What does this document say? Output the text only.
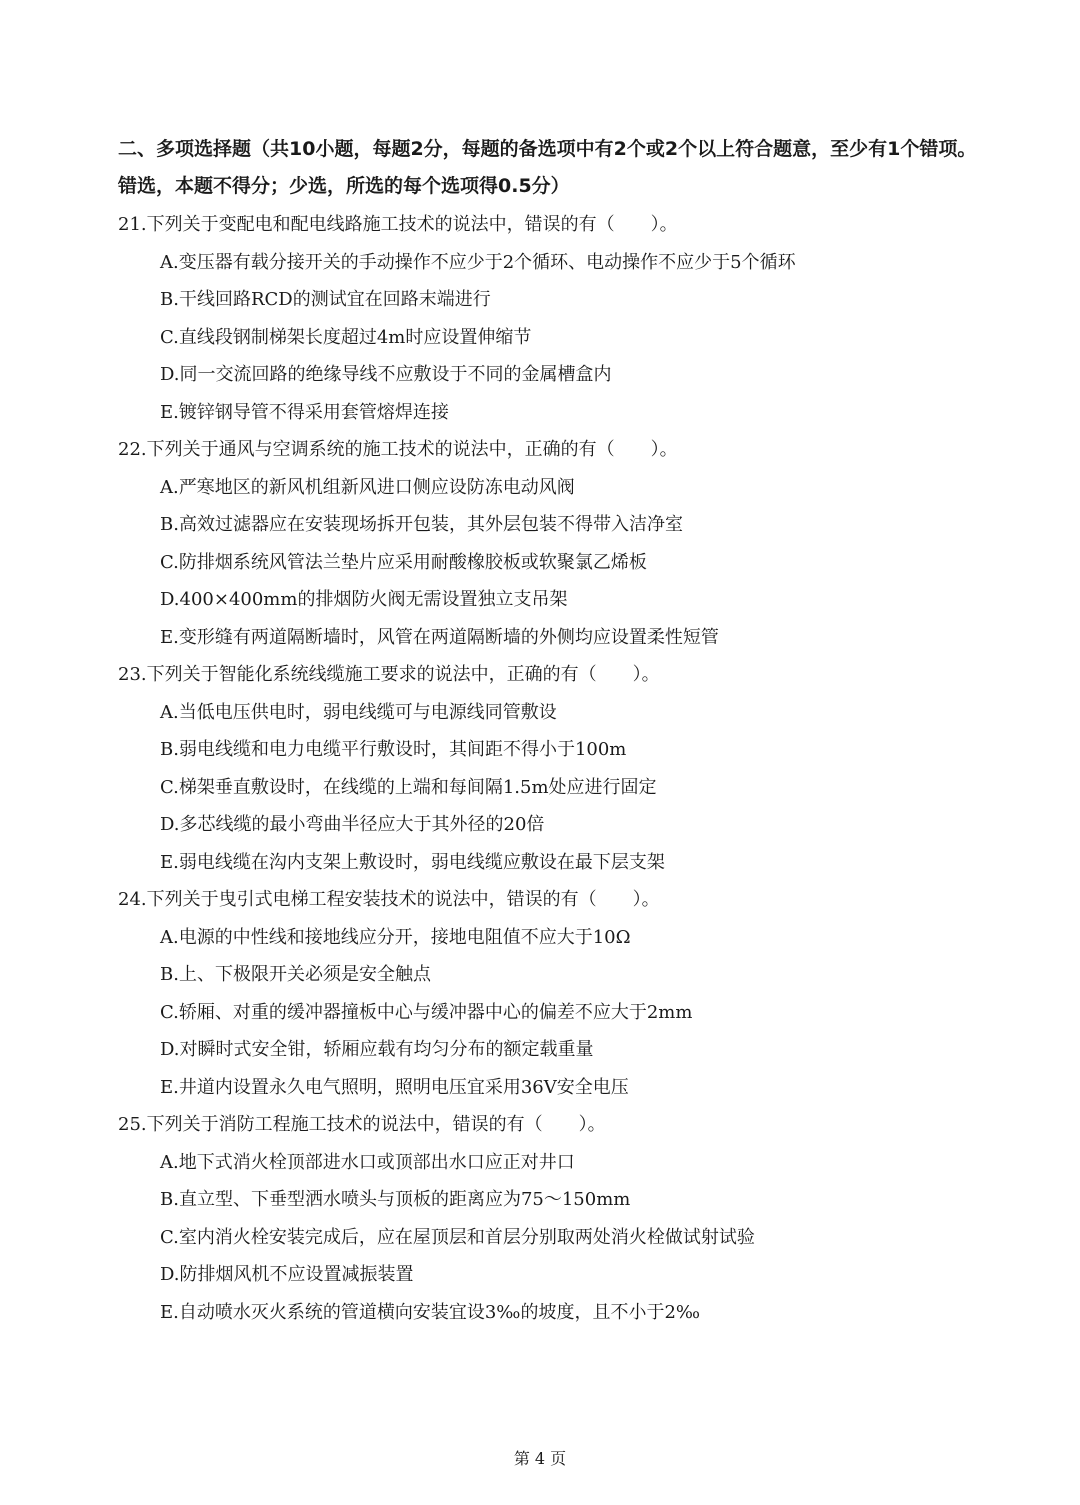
二、多项选择题（共10小题，每题2分，每题的备选项中有2个或2个以上符合题意，至少有1个错项。错选，本题不得分；少选，所选的每个选项得0.5分）

21.下列关于变配电和配电线路施工技术的说法中，错误的有（　　）。
A.变压器有载分接开关的手动操作不应少于2个循环、电动操作不应少于5个循环
B.干线回路RCD的测试宜在回路末端进行
C.直线段钢制梯架长度超过4m时应设置伸缩节
D.同一交流回路的绝缘导线不应敷设于不同的金属槽盒内
E.镀锌钢导管不得采用套管熔焊连接
22.下列关于通风与空调系统的施工技术的说法中，正确的有（　　）。
A.严寒地区的新风机组新风进口侧应设防冻电动风阀
B.高效过滤器应在安装现场拆开包装，其外层包装不得带入洁净室
C.防排烟系统风管法兰垫片应采用耐酸橡胶板或软聚氯乙烯板
D.400×400mm的排烟防火阀无需设置独立支吊架
E.变形缝有两道隔断墙时，风管在两道隔断墙的外侧均应设置柔性短管
23.下列关于智能化系统线缆施工要求的说法中，正确的有（　　）。
A.当低电压供电时，弱电线缆可与电源线同管敷设
B.弱电线缆和电力电缆平行敷设时，其间距不得小于100m
C.梯架垂直敷设时，在线缆的上端和每间隔1.5m处应进行固定
D.多芯线缆的最小弯曲半径应大于其外径的20倍
E.弱电线缆在沟内支架上敷设时，弱电线缆应敷设在最下层支架
24.下列关于曳引式电梯工程安装技术的说法中，错误的有（　　）。
A.电源的中性线和接地线应分开，接地电阻值不应大于10Ω
B.上、下极限开关必须是安全触点
C.轿厢、对重的缓冲器撞板中心与缓冲器中心的偏差不应大于2mm
D.对瞬时式安全钳，轿厢应载有均匀分布的额定载重量
E.井道内设置永久电气照明，照明电压宜采用36V安全电压
25.下列关于消防工程施工技术的说法中，错误的有（　　）。
A.地下式消火栓顶部进水口或顶部出水口应正对井口
B.直立型、下垂型洒水喷头与顶板的距离应为75～150mm
C.室内消火栓安装完成后，应在屋顶层和首层分别取两处消火栓做试射试验
D.防排烟风机不应设置减振装置
E.自动喷水灭火系统的管道横向安装宜设3‰的坡度，且不小于2‰
第 4 页
